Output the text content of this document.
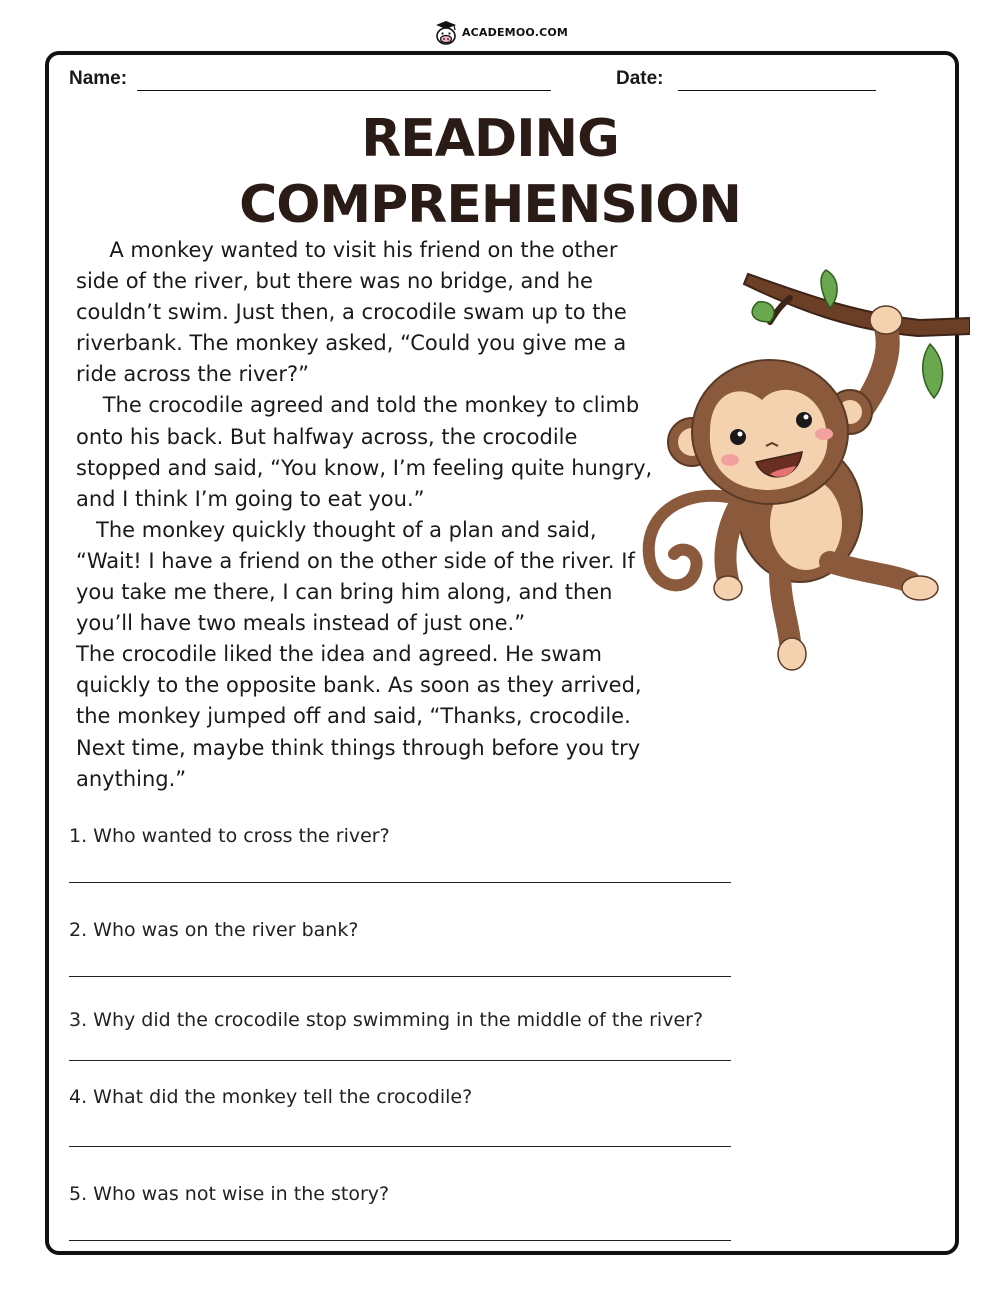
ACADEMOO.COM
Name:	Date:
READING
COMPREHENSION

A monkey wanted to visit his friend on the other

side of the river, but there was no bridge, and he

couldn’t swim. Just then, a crocodile swam up to the

riverbank. The monkey asked, “Could you give me a

ride across the river?”

The crocodile agreed and told the monkey to climb

onto his back. But halfway across, the crocodile

stopped and said, “You know, I’m feeling quite hungry,

and I think I’m going to eat you.”

The monkey quickly thought of a plan and said,

“Wait! I have a friend on the other side of the river. If

you take me there, I can bring him along, and then

you’ll have two meals instead of just one.”

The crocodile liked the idea and agreed. He swam

quickly to the opposite bank. As soon as they arrived,

the monkey jumped off and said, “Thanks, crocodile.

Next time, maybe think things through before you try

anything.”

1. Who wanted to cross the river?
2. Who was on the river bank?
3. Why did the crocodile stop swimming in the middle of the river?
4. What did the monkey tell the crocodile?
5. Who was not wise in the story?
